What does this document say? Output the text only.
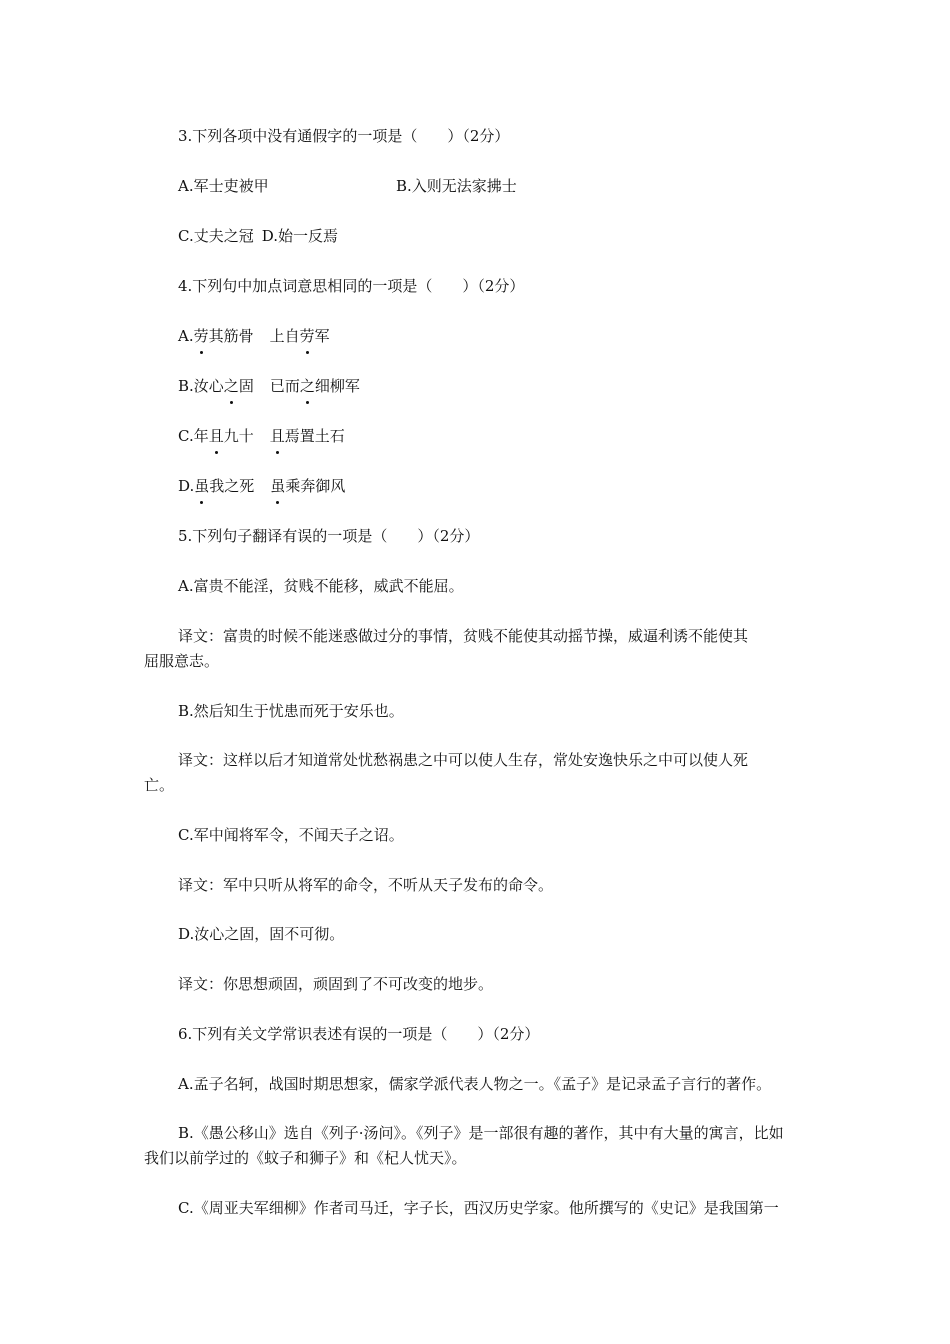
3.下列各项中没有通假字的一项是（　　）（2分）

A.军士吏被甲	B.入则无法家拂士

C.丈夫之冠 D.始一反焉

4.下列句中加点词意思相同的一项是（　　）（2分）

A.劳其筋骨 上自劳军

B.汝心之固 已而之细柳军

C.年且九十 且焉置土石

D.虽我之死 虽乘奔御风

5.下列句子翻译有误的一项是（　　）（2分）

A.富贵不能淫，贫贱不能移，威武不能屈。

译文：富贵的时候不能迷惑做过分的事情，贫贱不能使其动摇节操，威逼利诱不能使其

屈服意志。

B.然后知生于忧患而死于安乐也。

译文：这样以后才知道常处忧愁祸患之中可以使人生存，常处安逸快乐之中可以使人死

亡。

C.军中闻将军令，不闻天子之诏。

译文：军中只听从将军的命令，不听从天子发布的命令。

D.汝心之固，固不可彻。

译文：你思想顽固，顽固到了不可改变的地步。

6.下列有关文学常识表述有误的一项是（　　）（2分）

A.孟子名轲，战国时期思想家，儒家学派代表人物之一。《孟子》是记录孟子言行的著作。

B.《愚公移山》选自《列子·汤问》。《列子》是一部很有趣的著作，其中有大量的寓言，比如

我们以前学过的《蚊子和狮子》和《杞人忧天》。

C.《周亚夫军细柳》作者司马迁，字子长，西汉历史学家。他所撰写的《史记》是我国第一
